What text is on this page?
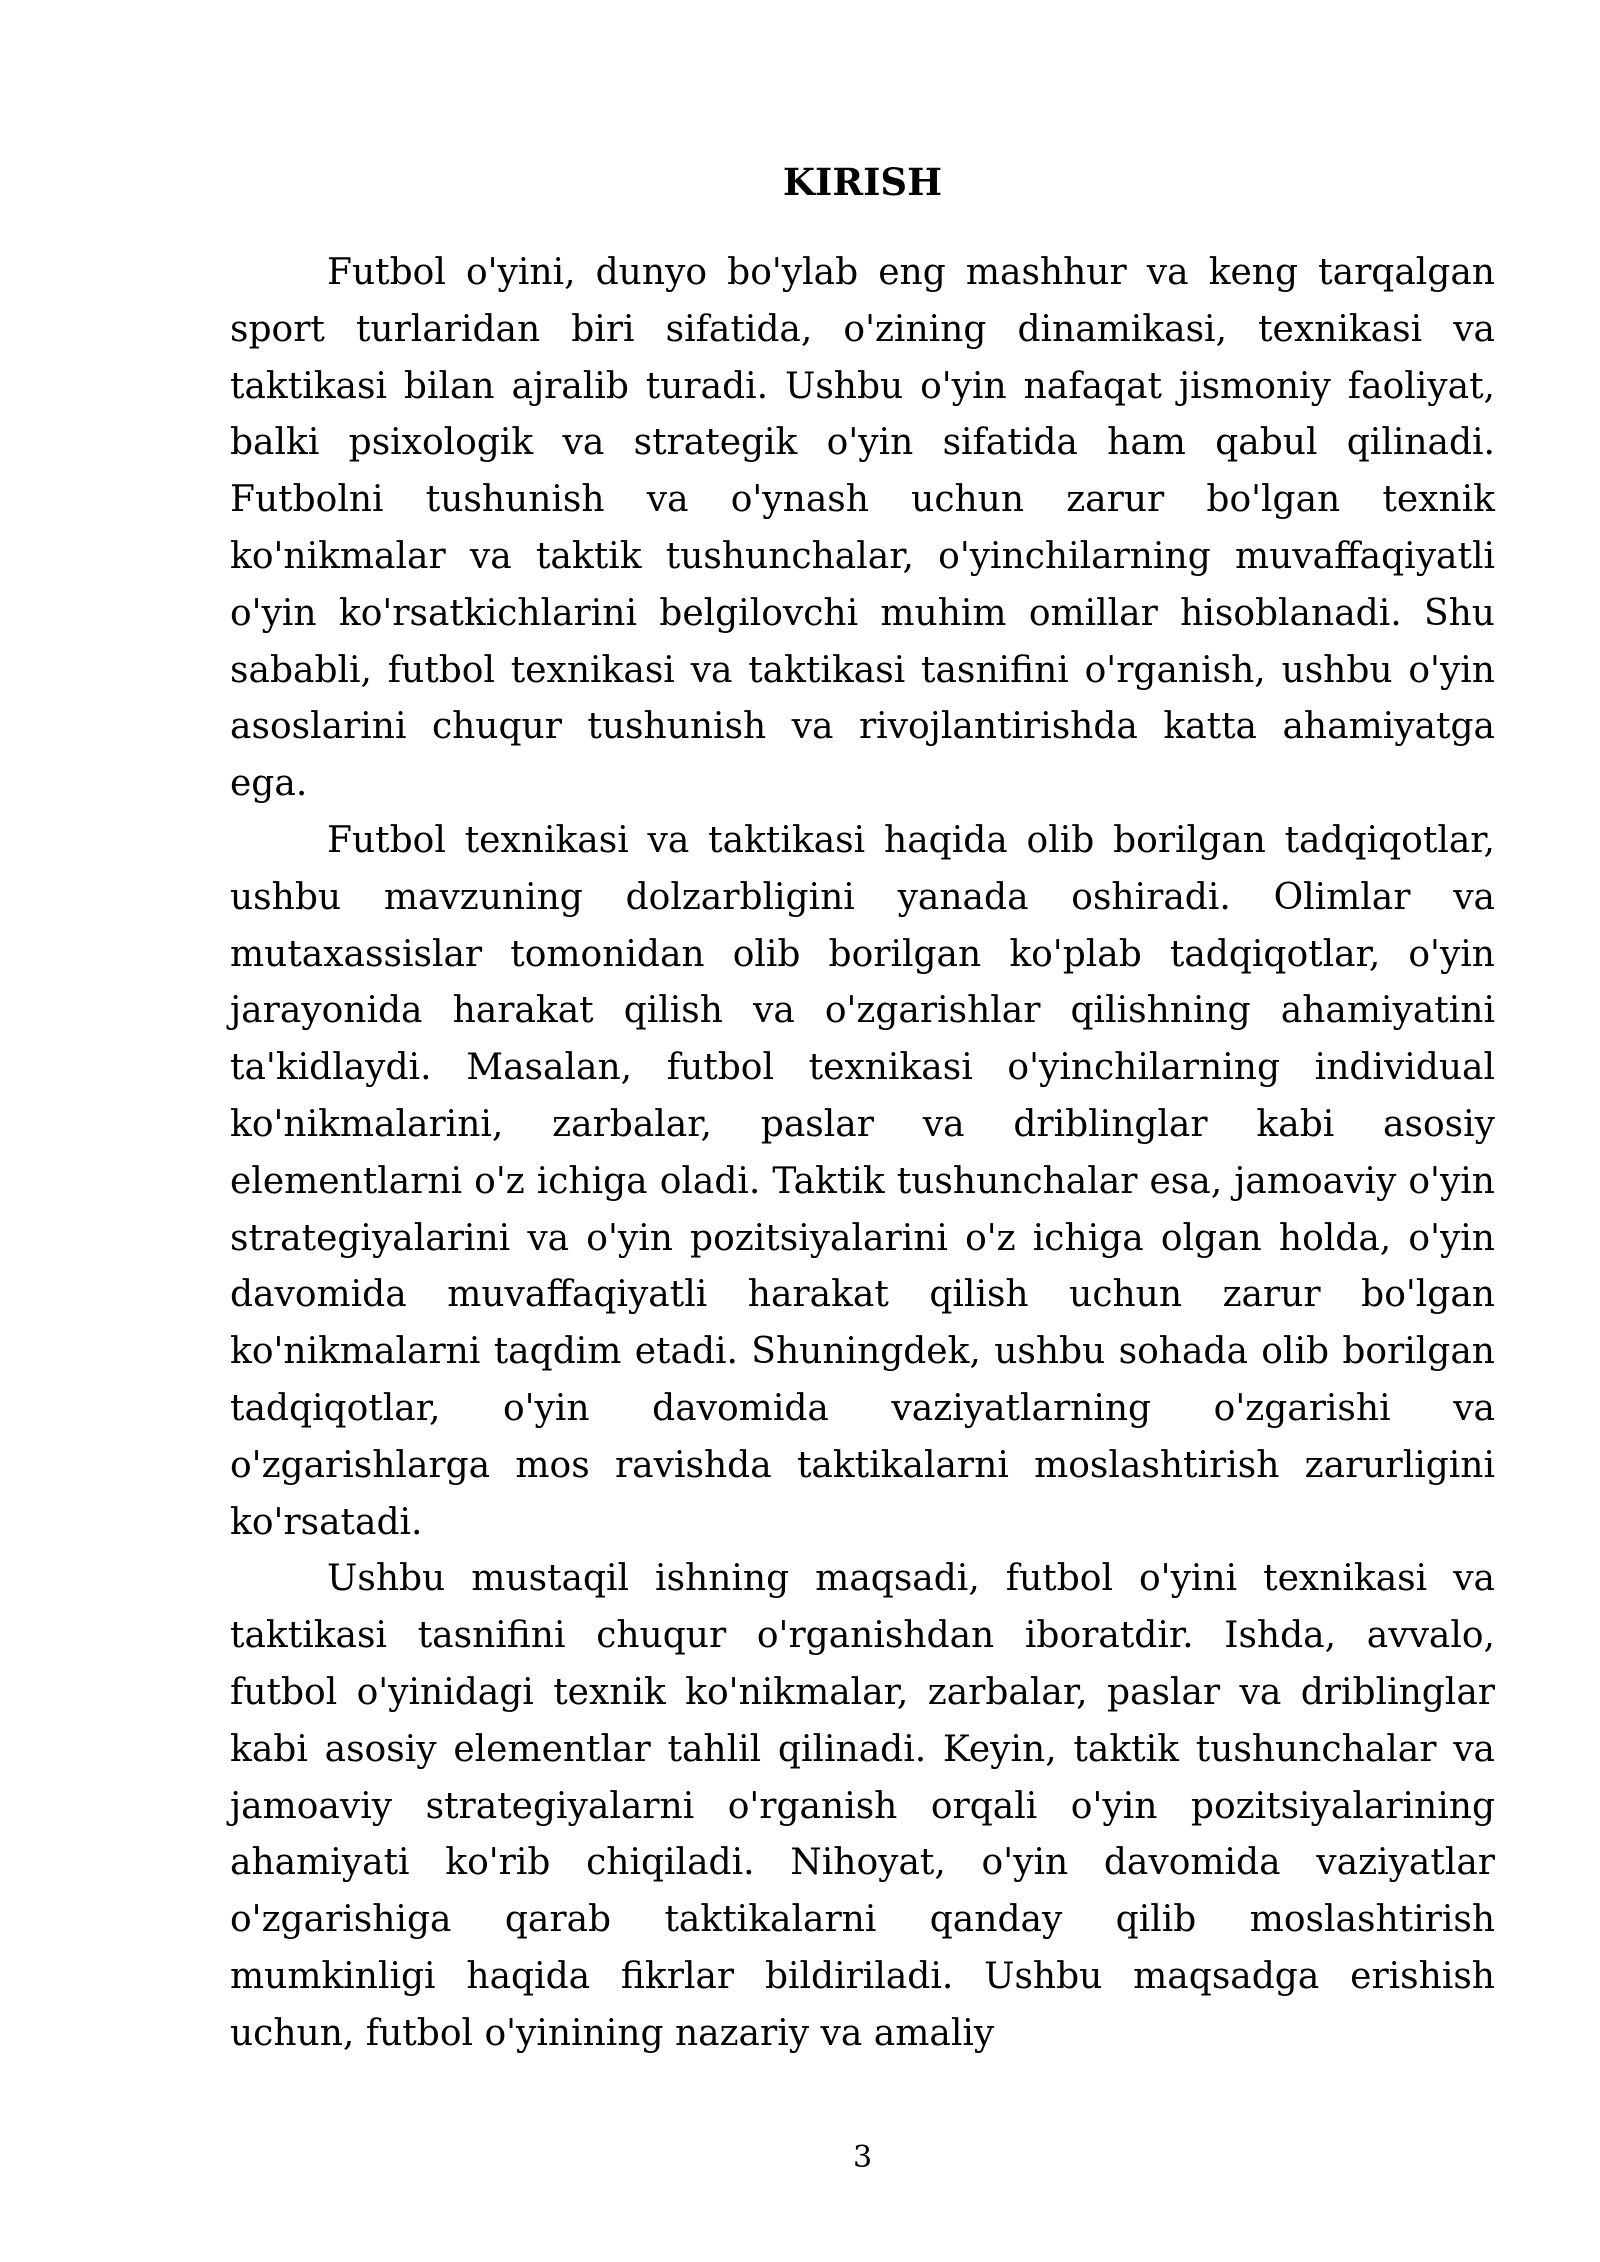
KIRISH

Futbol o'yini, dunyo bo'ylab eng mashhur va keng tarqalgan sport turlaridan biri sifatida, o'zining dinamikasi, texnikasi va taktikasi bilan ajralib turadi. Ushbu o'yin nafaqat jismoniy faoliyat, balki psixologik va strategik o'yin sifatida ham qabul qilinadi. Futbolni tushunish va o'ynash uchun zarur bo'lgan texnik ko'nikmalar va taktik tushunchalar, o'yinchilarning muvaffaqiyatli o'yin ko'rsatkichlarini belgilovchi muhim omillar hisoblanadi. Shu sababli, futbol texnikasi va taktikasi tasnifini o'rganish, ushbu o'yin asoslarini chuqur tushunish va rivojlantirishda katta ahamiyatga ega.

Futbol texnikasi va taktikasi haqida olib borilgan tadqiqotlar, ushbu mavzuning dolzarbligini yanada oshiradi. Olimlar va mutaxassislar tomonidan olib borilgan ko'plab tadqiqotlar, o'yin jarayonida harakat qilish va o'zgarishlar qilishning ahamiyatini ta'kidlaydi. Masalan, futbol texnikasi o'yinchilarning individual ko'nikmalarini, zarbalar, paslar va driblinglar kabi asosiy elementlarni o'z ichiga oladi. Taktik tushunchalar esa, jamoaviy o'yin strategiyalarini va o'yin pozitsiyalarini o'z ichiga olgan holda, o'yin davomida muvaffaqiyatli harakat qilish uchun zarur bo'lgan ko'nikmalarni taqdim etadi. Shuningdek, ushbu sohada olib borilgan tadqiqotlar, o'yin davomida vaziyatlarning o'zgarishi va o'zgarishlarga mos ravishda taktikalarni moslashtirish zarurligini ko'rsatadi.

Ushbu mustaqil ishning maqsadi, futbol o'yini texnikasi va taktikasi tasnifini chuqur o'rganishdan iboratdir. Ishda, avvalo, futbol o'yinidagi texnik ko'nikmalar, zarbalar, paslar va driblinglar kabi asosiy elementlar tahlil qilinadi. Keyin, taktik tushunchalar va jamoaviy strategiyalarni o'rganish orqali o'yin pozitsiyalarining ahamiyati ko'rib chiqiladi. Nihoyat, o'yin davomida vaziyatlar o'zgarishiga qarab taktikalarni qanday qilib moslashtirish mumkinligi haqida fikrlar bildiriladi. Ushbu maqsadga erishish uchun, futbol o'yinining nazariy va amaliy

3
